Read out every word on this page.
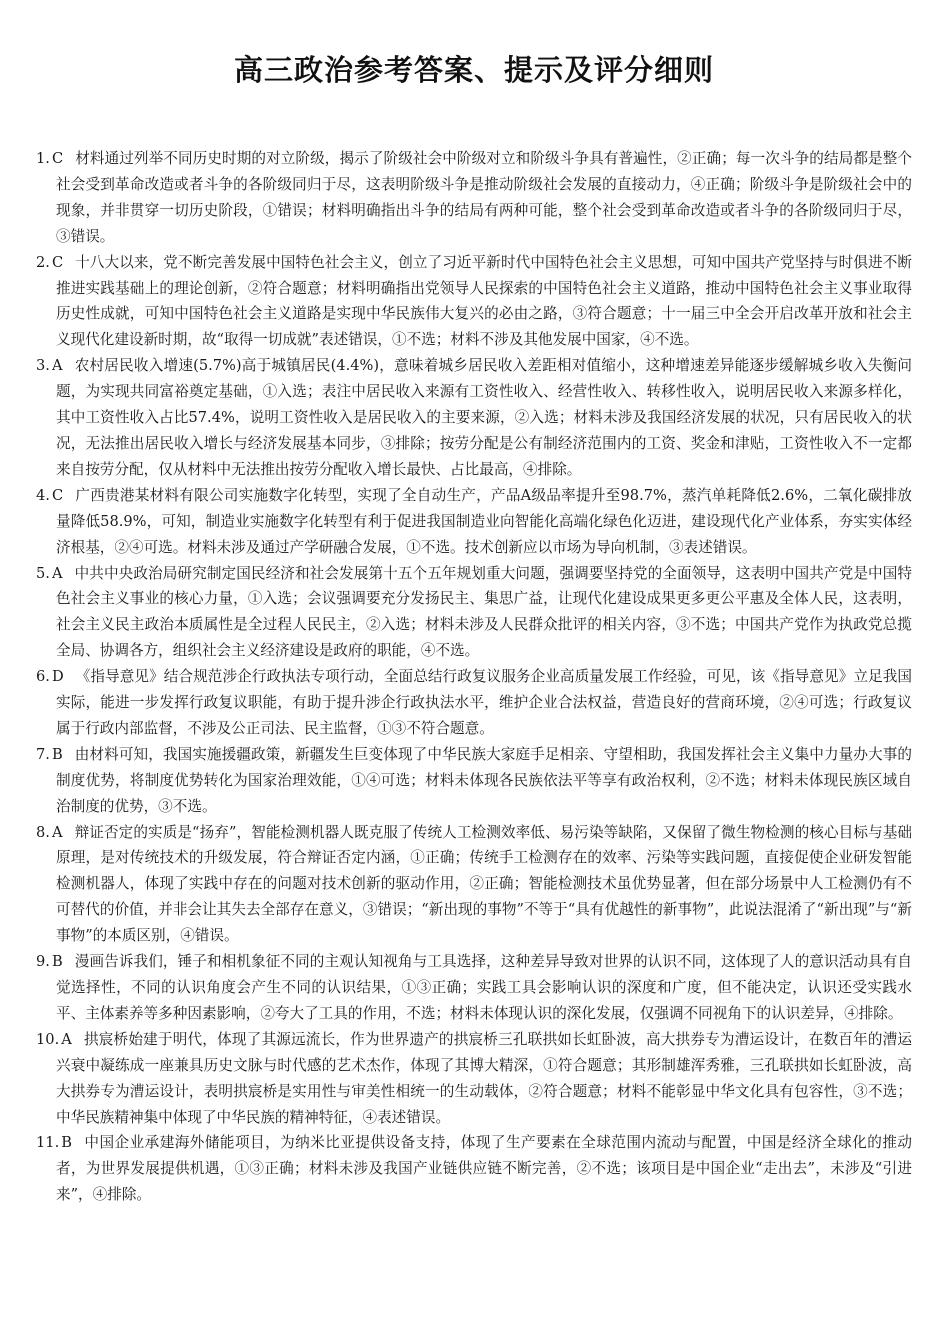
高三政治参考答案、提示及评分细则

1. C 材料通过列举不同历史时期的对立阶级，揭示了阶级社会中阶级对立和阶级斗争具有普遍性，②正确；每一次斗争的结局都是整个社会受到革命改造或者斗争的各阶级同归于尽，这表明阶级斗争是推动阶级社会发展的直接动力，④正确；阶级斗争是阶级社会中的现象，并非贯穿一切历史阶段，①错误；材料明确指出斗争的结局有两种可能，整个社会受到革命改造或者斗争的各阶级同归于尽，③错误。

2. C 十八大以来，党不断完善发展中国特色社会主义，创立了习近平新时代中国特色社会主义思想，可知中国共产党坚持与时俱进不断推进实践基础上的理论创新，②符合题意；材料明确指出党领导人民探索的中国特色社会主义道路，推动中国特色社会主义事业取得历史性成就，可知中国特色社会主义道路是实现中华民族伟大复兴的必由之路，③符合题意；十一届三中全会开启改革开放和社会主义现代化建设新时期，故“取得一切成就”表述错误，①不选；材料不涉及其他发展中国家，④不选。

3. A 农村居民收入增速(5.7%)高于城镇居民(4.4%)，意味着城乡居民收入差距相对值缩小，这种增速差异能逐步缓解城乡收入失衡问题，为实现共同富裕奠定基础，①入选；表注中居民收入来源有工资性收入、经营性收入、转移性收入，说明居民收入来源多样化，其中工资性收入占比57.4%，说明工资性收入是居民收入的主要来源，②入选；材料未涉及我国经济发展的状况，只有居民收入的状况，无法推出居民收入增长与经济发展基本同步，③排除；按劳分配是公有制经济范围内的工资、奖金和津贴，工资性收入不一定都来自按劳分配，仅从材料中无法推出按劳分配收入增长最快、占比最高，④排除。

4. C 广西贵港某材料有限公司实施数字化转型，实现了全自动生产，产品A级品率提升至98.7%，蒸汽单耗降低2.6%，二氧化碳排放量降低58.9%，可知，制造业实施数字化转型有利于促进我国制造业向智能化高端化绿色化迈进，建设现代化产业体系，夯实实体经济根基，②④可选。材料未涉及通过产学研融合发展，①不选。技术创新应以市场为导向机制，③表述错误。

5. A 中共中央政治局研究制定国民经济和社会发展第十五个五年规划重大问题，强调要坚持党的全面领导，这表明中国共产党是中国特色社会主义事业的核心力量，①入选；会议强调要充分发扬民主、集思广益，让现代化建设成果更多更公平惠及全体人民，这表明，社会主义民主政治本质属性是全过程人民民主，②入选；材料未涉及人民群众批评的相关内容，③不选；中国共产党作为执政党总揽全局、协调各方，组织社会主义经济建设是政府的职能，④不选。

6. D 《指导意见》结合规范涉企行政执法专项行动，全面总结行政复议服务企业高质量发展工作经验，可见，该《指导意见》立足我国实际，能进一步发挥行政复议职能，有助于提升涉企行政执法水平，维护企业合法权益，营造良好的营商环境，②④可选；行政复议属于行政内部监督，不涉及公正司法、民主监督，①③不符合题意。

7. B 由材料可知，我国实施援疆政策，新疆发生巨变体现了中华民族大家庭手足相亲、守望相助，我国发挥社会主义集中力量办大事的制度优势，将制度优势转化为国家治理效能，①④可选；材料未体现各民族依法平等享有政治权利，②不选；材料未体现民族区域自治制度的优势，③不选。

8. A 辩证否定的实质是“扬弃”，智能检测机器人既克服了传统人工检测效率低、易污染等缺陷，又保留了微生物检测的核心目标与基础原理，是对传统技术的升级发展，符合辩证否定内涵，①正确；传统手工检测存在的效率、污染等实践问题，直接促使企业研发智能检测机器人，体现了实践中存在的问题对技术创新的驱动作用，②正确；智能检测技术虽优势显著，但在部分场景中人工检测仍有不可替代的价值，并非会让其失去全部存在意义，③错误；“新出现的事物”不等于“具有优越性的新事物”，此说法混淆了“新出现”与“新事物”的本质区别，④错误。

9. B 漫画告诉我们，锤子和相机象征不同的主观认知视角与工具选择，这种差异导致对世界的认识不同，这体现了人的意识活动具有自觉选择性，不同的认识角度会产生不同的认识结果，①③正确；实践工具会影响认识的深度和广度，但不能决定，认识还受实践水平、主体素养等多种因素影响，②夸大了工具的作用，不选；材料未体现认识的深化发展，仅强调不同视角下的认识差异，④排除。

10. A 拱宸桥始建于明代，体现了其源远流长，作为世界遗产的拱宸桥三孔联拱如长虹卧波，高大拱券专为漕运设计，在数百年的漕运兴衰中凝练成一座兼具历史文脉与时代感的艺术杰作，体现了其博大精深，①符合题意；其形制雄浑秀雅，三孔联拱如长虹卧波，高大拱券专为漕运设计，表明拱宸桥是实用性与审美性相统一的生动载体，②符合题意；材料不能彰显中华文化具有包容性，③不选；中华民族精神集中体现了中华民族的精神特征，④表述错误。

11. B 中国企业承建海外储能项目，为纳米比亚提供设备支持，体现了生产要素在全球范围内流动与配置，中国是经济全球化的推动者，为世界发展提供机遇，①③正确；材料未涉及我国产业链供应链不断完善，②不选；该项目是中国企业“走出去”，未涉及“引进来”，④排除。
